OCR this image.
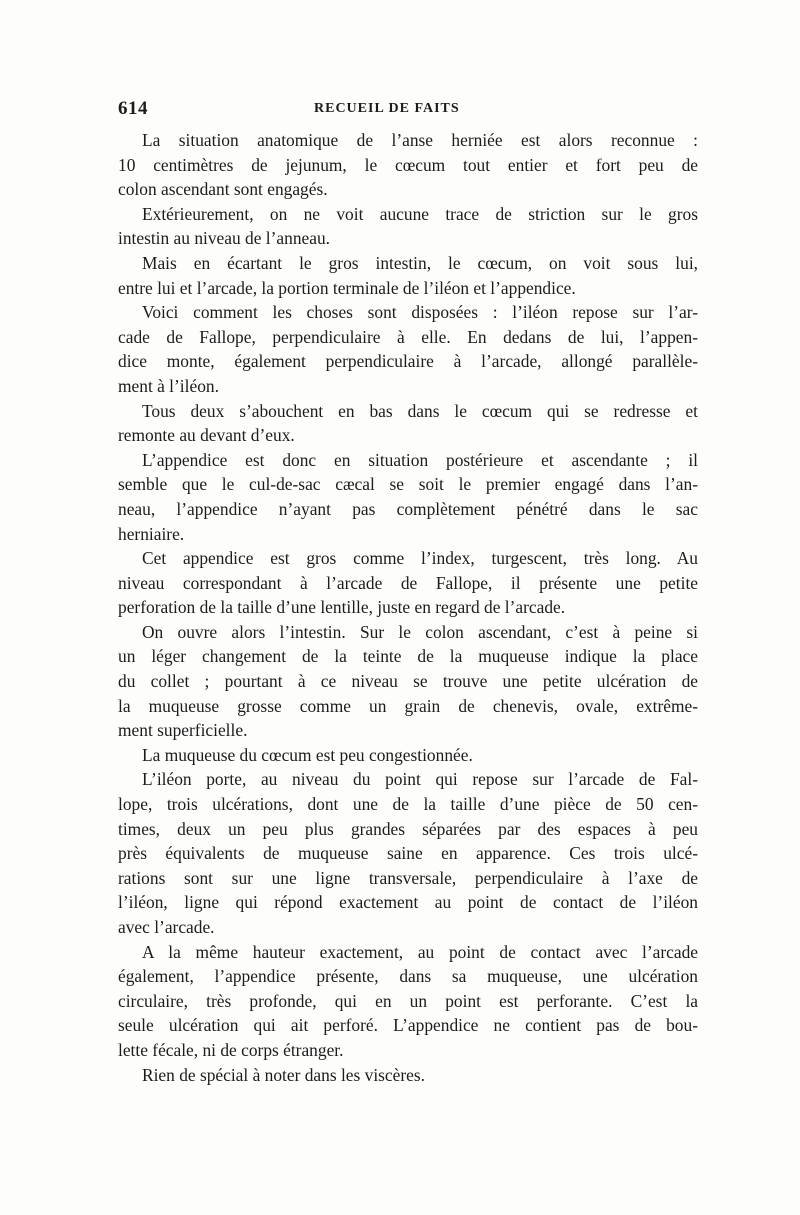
614	RECUEIL DE FAITS
La situation anatomique de l’anse herniée est alors reconnue :
10 centimètres de jejunum, le cœcum tout entier et fort peu de
colon ascendant sont engagés.
Extérieurement, on ne voit aucune trace de striction sur le gros
intestin au niveau de l’anneau.
Mais en écartant le gros intestin, le cœcum, on voit sous lui,
entre lui et l’arcade, la portion terminale de l’iléon et l’appendice.
Voici comment les choses sont disposées : l’iléon repose sur l’ar-
cade de Fallope, perpendiculaire à elle. En dedans de lui, l’appen-
dice monte, également perpendiculaire à l’arcade, allongé parallèle-
ment à l’iléon.
Tous deux s’abouchent en bas dans le cœcum qui se redresse et
remonte au devant d’eux.
L’appendice est donc en situation postérieure et ascendante ; il
semble que le cul-de-sac cæcal se soit le premier engagé dans l’an-
neau, l’appendice n’ayant pas complètement pénétré dans le sac
herniaire.
Cet appendice est gros comme l’index, turgescent, très long. Au
niveau correspondant à l’arcade de Fallope, il présente une petite
perforation de la taille d’une lentille, juste en regard de l’arcade.
On ouvre alors l’intestin. Sur le colon ascendant, c’est à peine si
un léger changement de la teinte de la muqueuse indique la place
du collet ; pourtant à ce niveau se trouve une petite ulcération de
la muqueuse grosse comme un grain de chenevis, ovale, extrême-
ment superficielle.
La muqueuse du cœcum est peu congestionnée.
L’iléon porte, au niveau du point qui repose sur l’arcade de Fal-
lope, trois ulcérations, dont une de la taille d’une pièce de 50 cen-
times, deux un peu plus grandes séparées par des espaces à peu
près équivalents de muqueuse saine en apparence. Ces trois ulcé-
rations sont sur une ligne transversale, perpendiculaire à l’axe de
l’iléon, ligne qui répond exactement au point de contact de l’iléon
avec l’arcade.
A la même hauteur exactement, au point de contact avec l’arcade
également, l’appendice présente, dans sa muqueuse, une ulcération
circulaire, très profonde, qui en un point est perforante. C’est la
seule ulcération qui ait perforé. L’appendice ne contient pas de bou-
lette fécale, ni de corps étranger.
Rien de spécial à noter dans les viscères.
